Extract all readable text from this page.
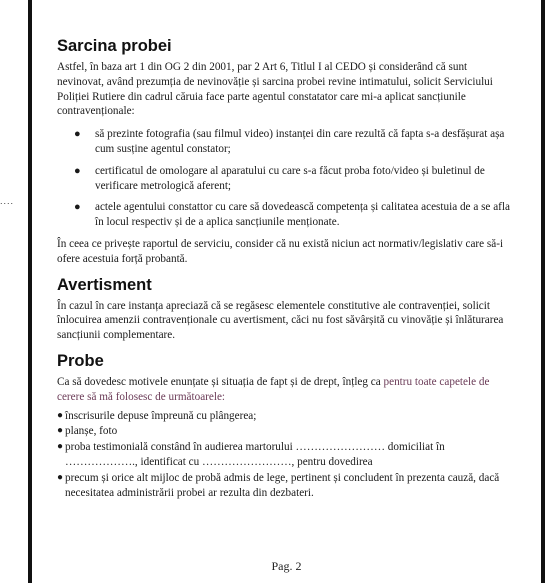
....
Sarcina probei

Astfel, în baza art 1 din OG 2 din 2001, par 2 Art 6, Titlul I al CEDO și considerând că sunt nevinovat, având prezumția de nevinovăție și sarcina probei revine intimatului, solicit Serviciului Poliției Rutiere din cadrul căruia face parte agentul constatator care mi-a aplicat sancțiunile contravenționale:

● să prezinte fotografia (sau filmul video) instanței din care rezultă că fapta s-a desfășurat așa cum susține agentul constator;
● certificatul de omologare al aparatului cu care s-a făcut proba foto/video și buletinul de verificare metrologică aferent;
● actele agentului constattor cu care să dovedească competența și calitatea acestuia de a se afla în locul respectiv și de a aplica sancțiunile menționate.

În ceea ce privește raportul de serviciu, consider că nu există niciun act normativ/legislativ care să-i ofere acestuia forță probantă.

Avertisment

În cazul în care instanța apreciază că se regăsesc elementele constitutive ale contravenției, solicit înlocuirea amenzii contravenționale cu avertisment, căci nu fost săvârșită cu vinovăție și înlăturarea sancțiunii complementare.

Probe

Ca să dovedesc motivele enunțate și situația de fapt și de drept, înțleg ca pentru toate capetele de cerere să mă folosesc de următoarele:

● înscrisurile depuse împreună cu plângerea;
● planșe, foto
● proba testimonială constând în audierea martorului …………………… domiciliat în ………………., identificat cu ……………………, pentru dovedirea
● precum și orice alt mijloc de probă admis de lege, pertinent și concludent în prezenta cauză, dacă necesitatea administrării probei ar rezulta din dezbateri.
Pag. 2
